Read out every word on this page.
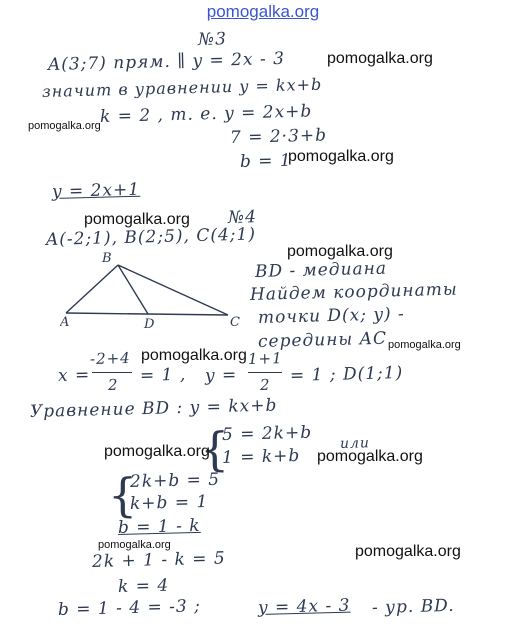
pomogalka.org
№3
A(3;7) прям. ∥ y = 2x - 3
значит в уравнении y = kx+b
k = 2 , т. е. y = 2x+b
7 = 2·3+b
b = 1
y = 2x+1
№4
A(-2;1), B(2;5), C(4;1)
B
A	D	C
BD - медиана
Найдем координаты
точки D(x; y) -
середины AC
x =
-2+4
2 = 1 , y =
1+1
2 = 1 ; D(1;1)
Уравнение BD : y = kx+b
{
5 = 2k+b
1 = k+b
или
{
2k+b = 5
k+b = 1
b = 1 - k
2k + 1 - k = 5
k = 4
b = 1 - 4 = -3 ;	y = 4x - 3 - ур. BD.
pomogalka.org
pomogalka.org
pomogalka.org
pomogalka.org
pomogalka.org
pomogalka.org
pomogalka.org
pomogalka.org	pomogalka.org
pomogalka.org	pomogalka.org
